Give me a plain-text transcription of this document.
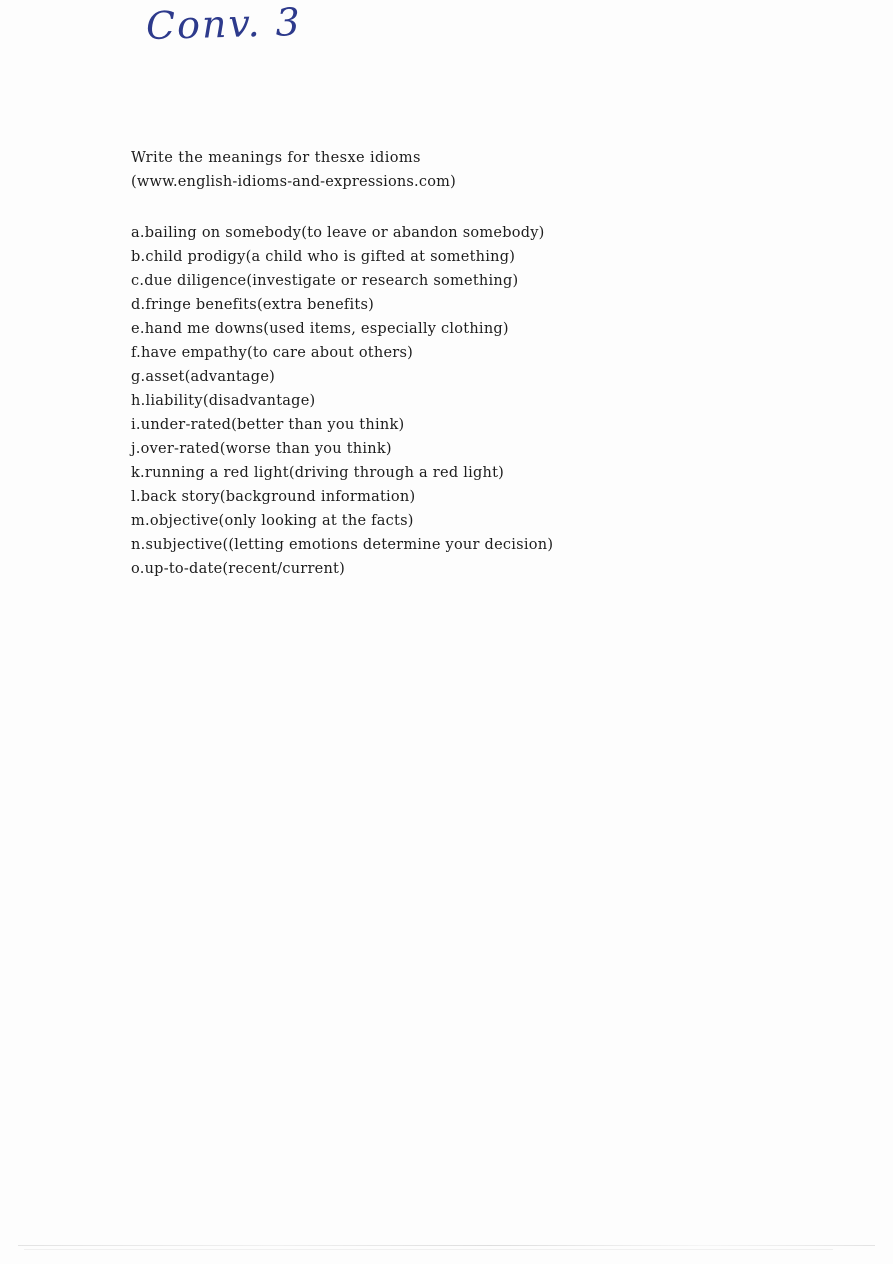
Conv. 3
Write the meanings for thesxe idioms
(www.english-idioms-and-expressions.com)
a.bailing on somebody(to leave or abandon somebody)
b.child prodigy(a child who is gifted at something)
c.due diligence(investigate or research something)
d.fringe benefits(extra benefits)
e.hand me downs(used items, especially clothing)
f.have empathy(to care about others)
g.asset(advantage)
h.liability(disadvantage)
i.under-rated(better than you think)
j.over-rated(worse than you think)
k.running a red light(driving through a red light)
l.back story(background information)
m.objective(only looking at the facts)
n.subjective((letting emotions determine your decision)
o.up-to-date(recent/current)
